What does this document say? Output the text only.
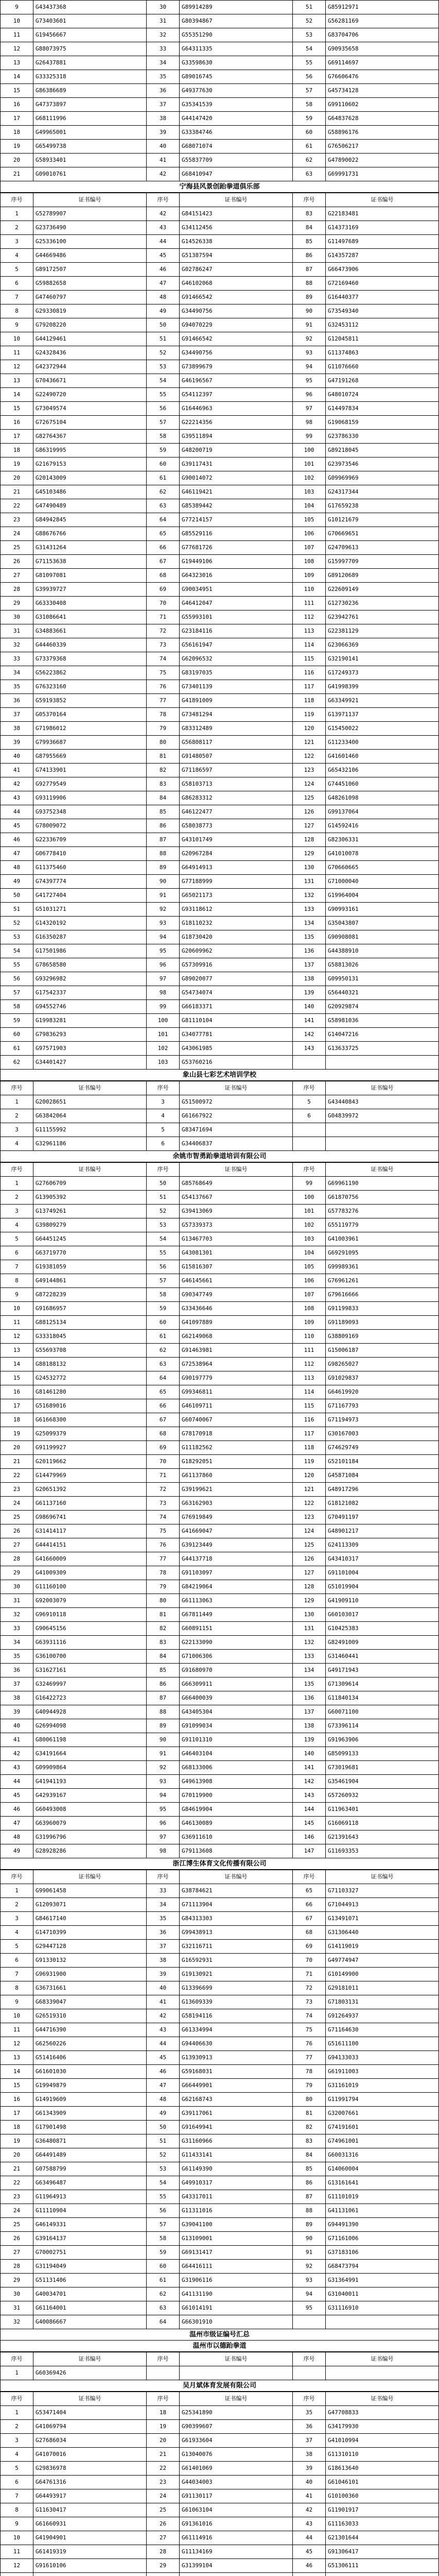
9	G43437368	30	G89914289	51	G85912971
10	G73403601	31	G80394867	52	G56281169
11	G19456667	32	G55351290	53	G83704706
12	G88073975	33	G64311335	54	G90935658
13	G26437881	34	G33598630	55	G69114697
14	G33325318	35	G89016745	56	G76606476
15	G86386689	36	G49377630	57	G45734128
16	G47373897	37	G35341539	58	G99110602
17	G68111996	38	G44147420	59	G64837628
18	G49965001	39	G33384746	60	G58896176
19	G65499738	40	G68071074	61	G76506217
20	G58933401	41	G55837709	62	G47890022
21	G09010761	42	G68410947	63	G69991731
宁海县风景创跆拳道俱乐部
序号	证书编号	序号	证书编号	序号	证书编号
1	G52789907	42	G84151423	83	G22183481
2	G23736490	43	G34112456	84	G14373169
3	G25336100	44	G14526338	85	G11497689
4	G44669486	45	G51387594	86	G14357287
5	G89172507	46	G02786247	87	G66473906
6	G59882658	47	G46102068	88	G72169460
7	G47460797	48	G91466542	89	G16440377
8	G29330819	49	G34490756	90	G73549340
9	G79208220	50	G94070229	91	G32453112
10	G44129461	51	G91466542	92	G12045811
11	G24328436	52	G34490756	93	G11374863
12	G42372944	53	G73899679	94	G11076660
13	G70436671	54	G46196567	95	G47191268
14	G22490720	55	G54112397	96	G48010724
15	G73049574	56	G16446963	97	G14497834
16	G72675104	57	G22214356	98	G19068159
17	G82764367	58	G39511894	99	G23786330
18	G86319995	59	G48200719	100	G89218045
19	G21679153	60	G39117431	101	G23973546
20	G20143009	61	G90014072	102	G09969969
21	G45103486	62	G46119421	103	G24317344
22	G47490489	63	G85389442	104	G17659238
23	G84942845	64	G77214157	105	G10121679
24	G88676766	65	G85529116	106	G70669651
25	G31431264	66	G77681726	107	G24709613
26	G71153638	67	G19449106	108	G15997709
27	G81097081	68	G64323016	109	G89120689
28	G39939727	69	G90034951	110	G22609149
29	G63330408	70	G46412047	111	G12730236
30	G31086641	71	G55993101	112	G23942761
31	G34883661	72	G23184116	113	G22381129
32	G44460339	73	G56161947	114	G23066369
33	G73379368	74	G62096532	115	G32190141
34	G56223862	75	G83197035	116	G17249373
35	G76323160	76	G73401139	117	G41998399
36	G59193852	77	G41891009	118	G63349921
37	G05370164	78	G73481294	119	G13971137
38	G71986012	79	G83312489	120	G15450022
39	G79936687	80	G56808117	121	G11233400
40	G87955669	81	G91480507	122	G41601460
41	G74133901	82	G71186597	123	G65432106
42	G92779549	83	G58103713	124	G74451060
43	G93119906	84	G86283312	125	G48261098
44	G93752348	85	G46122477	126	G99137064
45	G78009072	86	G58038773	127	G14592416
46	G22336709	87	G43101749	128	G82306331
47	G06778410	88	G20967284	129	G41010078
48	G11375460	89	G64914913	130	G70660665
49	G74397774	90	G77188999	131	G71000040
50	G41727404	91	G65021173	132	G19964004
51	G51031271	92	G93118612	133	G90993161
52	G14320192	93	G18110232	134	G35043807
53	G16350287	94	G18730420	135	G90908081
54	G17501986	95	G20609962	136	G44388910
55	G78658580	96	G57309916	137	G58813026
56	G93296982	97	G89020077	138	G09950131
57	G17542337	98	G54734074	139	G56440321
58	G94552746	99	G66183371	140	G20929874
59	G19983281	100	G81110104	141	G58981036
60	G79836293	101	G34077781	142	G14047216
61	G97571903	102	G43061985	143	G13633725
62	G34401427	103	G53760216		
象山县七彩艺术培训学校
序号	证书编号	序号	证书编号	序号	证书编号
1	G20028651	3	G51500972	5	G43440843
2	G63842064	4	G61667922	6	G04839972
3	G11155992	5	G83471694		
4	G32961186	6	G34406837		
余姚市智勇跆拳道培训有限公司
序号	证书编号	序号	证书编号	序号	证书编号
1	G27606709	50	G85768649	99	G69961190
2	G13905392	51	G54137667	100	G61870756
3	G13749261	52	G39413069	101	G57783276
4	G39809279	53	G57339373	102	G55119779
5	G64451245	54	G13467703	103	G41003961
6	G63719770	55	G43081301	104	G69291095
7	G19381059	56	G15816307	105	G99989361
8	G49144861	57	G46145661	106	G76961261
9	G87228239	58	G90347749	107	G79616666
10	G91686957	59	G33436646	108	G91199833
11	G88125134	60	G41097889	109	G91189093
12	G33318045	61	G62149068	110	G38809169
13	G55693708	62	G91463981	111	G15006187
14	G88188132	63	G72538964	112	G98265027
15	G24532772	64	G90197779	113	G91029837
16	G81461280	65	G99346811	114	G64619920
17	G51689016	66	G46109711	115	G71167793
18	G61668300	67	G60740067	116	G71194973
19	G25099379	68	G78170918	117	G30167003
20	G91199927	69	G11182562	118	G74629749
21	G20119662	70	G18292051	119	G52101184
22	G14479969	71	G61137860	120	G45871084
23	G20651392	72	G39199621	121	G48917296
24	G61137160	73	G63162903	122	G18121082
25	G98696741	74	G76919849	123	G70491197
26	G31414117	75	G41669047	124	G48901217
27	G44414151	76	G39123449	125	G24113309
28	G41660009	77	G44137718	126	G43410317
29	G41009309	78	G91103097	127	G91101004
30	G11160100	79	G84219064	128	G51019904
31	G92003079	80	G61113063	129	G41909110
32	G96910118	81	G67811449	130	G60103017
33	G90645156	82	G60891151	131	G10425383
34	G63931116	83	G22133090	132	G82491009
35	G36100700	84	G71006306	133	G31460441
36	G31627161	85	G91680970	134	G49171943
37	G32469997	86	G66309911	135	G71309614
38	G16422723	87	G66400039	136	G11840134
39	G40944928	88	G43405304	137	G60071100
40	G26994098	89	G91099034	138	G73396114
41	G80061198	90	G91101310	139	G91963906
42	G34191664	91	G46403104	140	G85099133
43	G09909864	92	G68133006	141	G73019681
44	G41941193	93	G49613908	142	G35461904
45	G42939167	94	G70119900	143	G57260932
46	G60493008	95	G84619904	144	G11963401
47	G63960079	96	G46130089	145	G16069118
48	G31996796	97	G36911610	146	G21391643
49	G28928286	98	G79113608	147	G11693353
浙江博生体育文化传播有限公司
序号	证书编号	序号	证书编号	序号	证书编号
1	G99061458	33	G38784621	65	G71103327
2	G12093071	34	G71113904	66	G71044913
3	G84617140	35	G84313303	67	G13491071
4	G14710399	36	G99438913	68	G31306440
5	G29447128	37	G32116711	69	G14119019
6	G91330132	38	G16592931	70	G49774947
7	G96931900	39	G19130921	71	G10149900
8	G36731661	40	G13396699	72	G29181011
9	G68339047	41	G13609339	73	G71803131
10	G26519310	42	G58194116	74	G91264937
11	G44716390	43	G61334994	75	G71164630
12	G62560226	44	G94406630	76	G51611100
13	G51416406	45	G13930913	77	G94133033
14	G61601030	46	G59168031	78	G61911003
15	G19949879	47	G66449901	79	G31161019
16	G14919609	48	G62168743	80	G11991794
17	G61343909	49	G39117061	81	G32007661
18	G17901498	50	G91649941	82	G74191601
19	G36480871	51	G31160966	83	G74961001
20	G64491489	52	G11433141	84	G60031316
21	G07588799	53	G61149390	85	G14060004
22	G63496487	54	G49910317	86	G13161641
23	G11964913	55	G43317011	87	G11101019
24	G11110904	56	G11311016	88	G41131061
25	G46149331	57	G39041100	89	G94491390
26	G39164137	58	G13109001	90	G71161006
27	G70002751	59	G69131417	91	G37183106
28	G31194049	60	G64416111	92	G68473794
29	G51131406	61	G31906116	93	G31364991
30	G40034701	62	G41131190	94	G31040011
31	G61164001	63	G61014191	95	G31116910
32	G40086667	64	G66301910		
温州市级证编号汇总
温州市以德跆拳道
序号	证书编号	序号	证书编号	序号	证书编号
1	G60369426				
吴月斌体育发展有限公司
序号	证书编号	序号	证书编号	序号	证书编号
1	G53471404	18	G25341890	35	G47708833
2	G41069794	19	G90399607	36	G34179930
3	G27686034	20	G61933604	37	G41010994
4	G41070016	21	G13040076	38	G11310110
5	G29836978	22	G61401069	39	G18613640
6	G64761316	23	G44034003	40	G61046101
7	G64493917	24	G91130117	41	G10100360
8	G11630417	25	G61063104	42	G11901917
9	G61660931	26	G91361016	43	G11163033
10	G41904901	27	G61114916	44	G21301644
11	G61419319	28	G11134169	45	G91306417
12	G91610106	29	G31399104	46	G51306111
